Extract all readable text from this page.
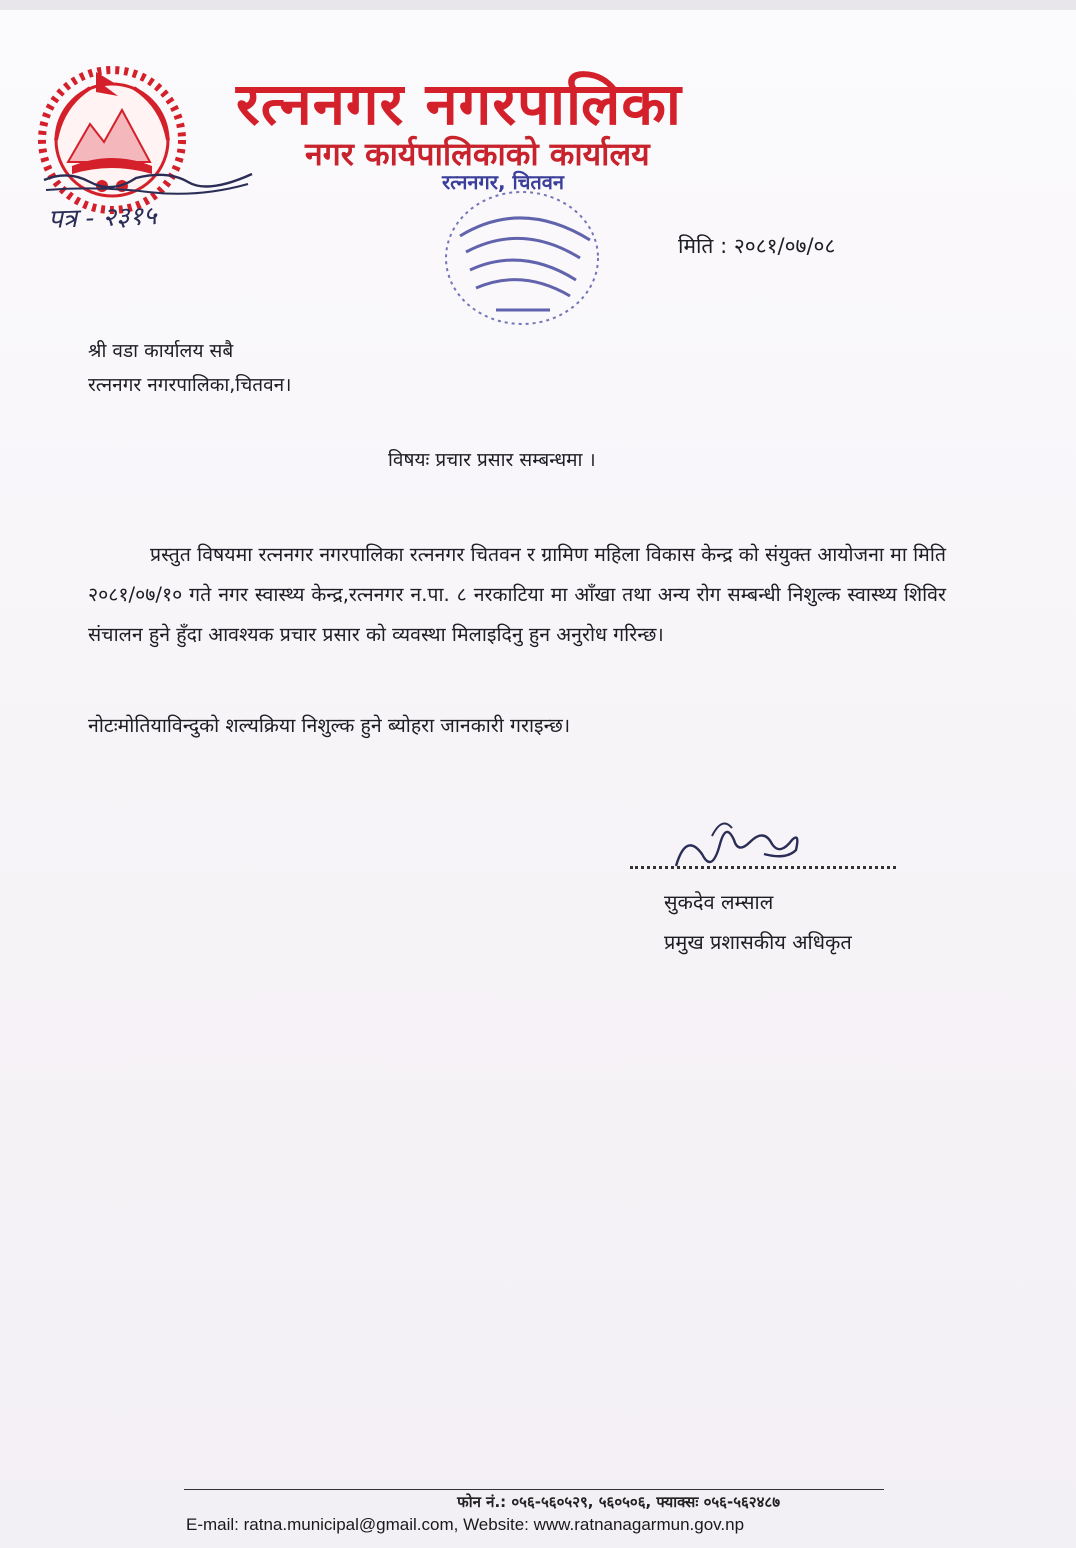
पत्र - २३१५
रत्ननगर नगरपालिका
नगर कार्यपालिकाको कार्यालय
रत्ननगर, चितवन
मिति : २०८१/०७/०८
श्री वडा कार्यालय सबै
रत्ननगर नगरपालिका,चितवन।
विषयः प्रचार प्रसार सम्बन्धमा ।
प्रस्तुत विषयमा रत्ननगर नगरपालिका रत्ननगर चितवन र ग्रामिण महिला विकास केन्द्र को संयुक्त आयोजना मा मिति २०८१/०७/१० गते नगर स्वास्थ्य केन्द्र,रत्ननगर न.पा. ८ नरकाटिया मा आँखा तथा अन्य रोग सम्बन्धी निशुल्क स्वास्थ्य शिविर संचालन हुने हुँदा आवश्यक प्रचार प्रसार को व्यवस्था मिलाइदिनु हुन अनुरोध गरिन्छ।
नोटःमोतियाविन्दुको शल्यक्रिया निशुल्क हुने ब्योहरा जानकारी गराइन्छ।
सुकदेव लम्साल
प्रमुख प्रशासकीय अधिकृत
फोन नं.: ०५६-५६०५२९, ५६०५०६, फ्याक्सः ०५६-५६२४८७
E-mail: ratna.municipal@gmail.com, Website: www.ratnanagarmun.gov.np
